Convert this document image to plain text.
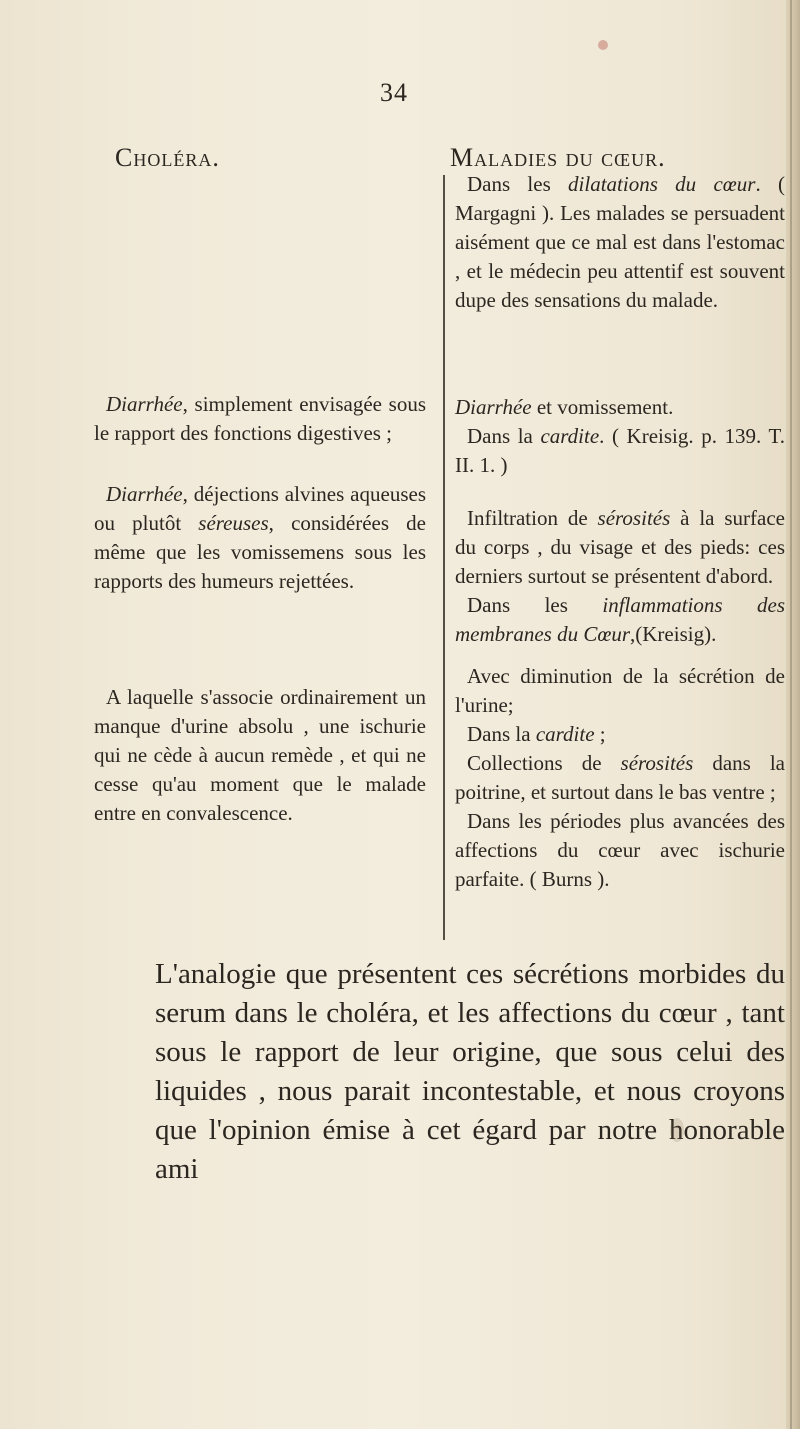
34
Choléra.	Maladies du cœur.

Diarrhée, simplement envisagée sous le rapport des fonctions digestives ;

Diarrhée, déjections alvines aqueuses ou plutôt séreuses, considérées de même que les vomissemens sous les rapports des humeurs rejettées.

A laquelle s'associe ordinairement un manque d'urine absolu , une ischurie qui ne cède à aucun remède , et qui ne cesse qu'au moment que le malade entre en convalescence.

Dans les dilatations du cœur. ( Margagni ). Les malades se persuadent aisément que ce mal est dans l'estomac , et le médecin peu attentif est souvent dupe des sensations du malade.

Diarrhée et vomissement.

Dans la cardite. ( Kreisig. p. 139. T. II. 1. )

Infiltration de sérosités à la surface du corps , du visage et des pieds: ces derniers surtout se présentent d'abord.

Dans les inflammations des membranes du Cœur,(Kreisig).

Avec diminution de la sécrétion de l'urine;

Dans la cardite ;

Collections de sérosités dans la poitrine, et surtout dans le bas ventre ;

Dans les périodes plus avancées des affections du cœur avec ischurie parfaite. ( Burns ).

L'analogie que présentent ces sécrétions morbides du serum dans le choléra, et les affections du cœur , tant sous le rapport de leur origine, que sous celui des liquides , nous parait incontestable, et nous croyons que l'opinion émise à cet égard par notre honorable ami
